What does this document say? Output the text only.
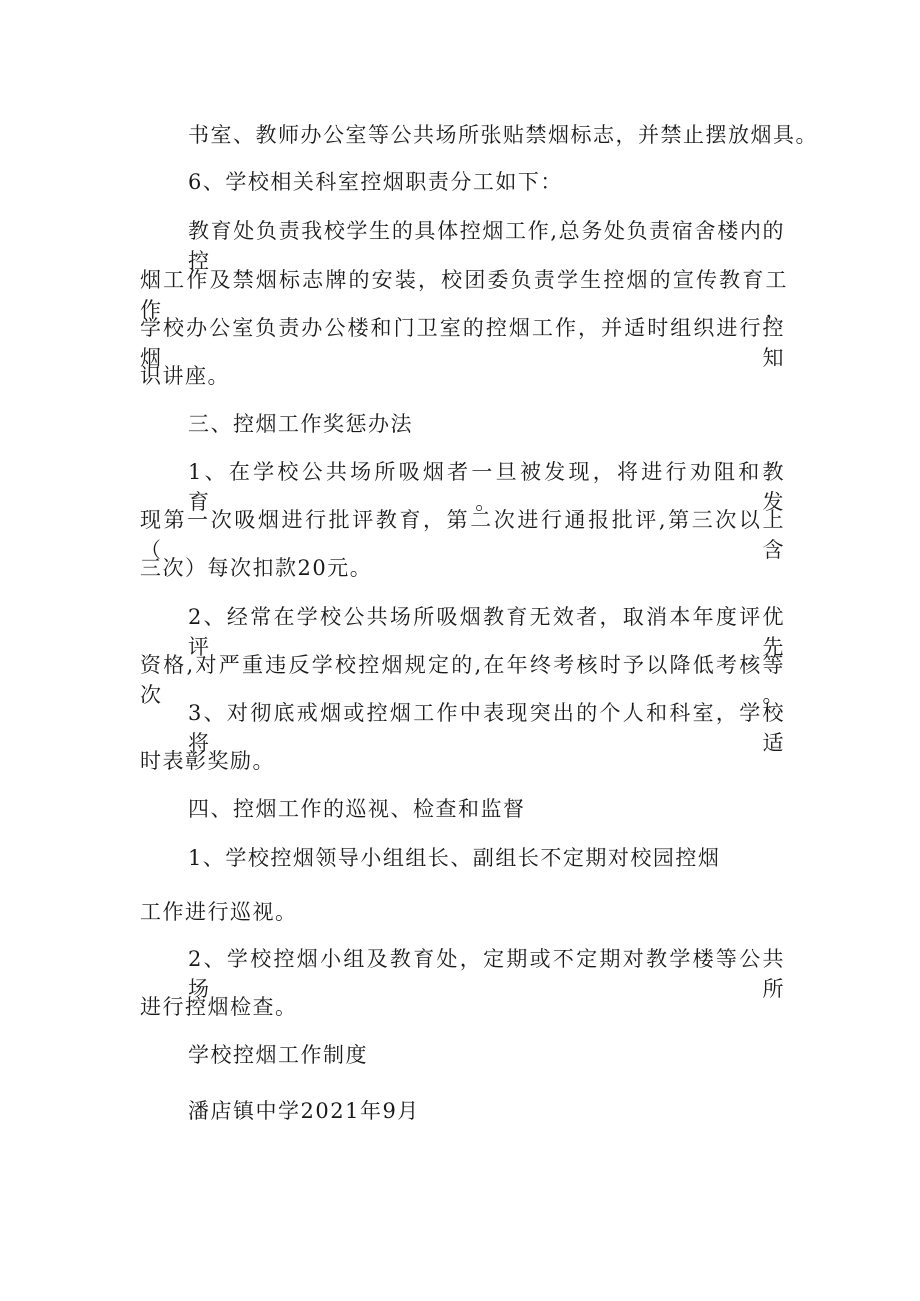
书室、教师办公室等公共场所张贴禁烟标志，并禁止摆放烟具。
6、学校相关科室控烟职责分工如下：
教育处负责我校学生的具体控烟工作,总务处负责宿舍楼内的控
烟工作及禁烟标志牌的安装，校团委负责学生控烟的宣传教育工作，
学校办公室负责办公楼和门卫室的控烟工作，并适时组织进行控烟知
识讲座。
三、控烟工作奖惩办法
1、在学校公共场所吸烟者一旦被发现，将进行劝阻和教育。发
现第一次吸烟进行批评教育，第二次进行通报批评,第三次以上（含
三次）每次扣款20元。
2、经常在学校公共场所吸烟教育无效者，取消本年度评优评先
资格,对严重违反学校控烟规定的,在年终考核时予以降低考核等次。
3、对彻底戒烟或控烟工作中表现突出的个人和科室，学校将适
时表彰奖励。
四、控烟工作的巡视、检查和监督
1、学校控烟领导小组组长、副组长不定期对校园控烟
工作进行巡视。
2、学校控烟小组及教育处，定期或不定期对教学楼等公共场所
进行控烟检查。
学校控烟工作制度
潘店镇中学2021年9月
